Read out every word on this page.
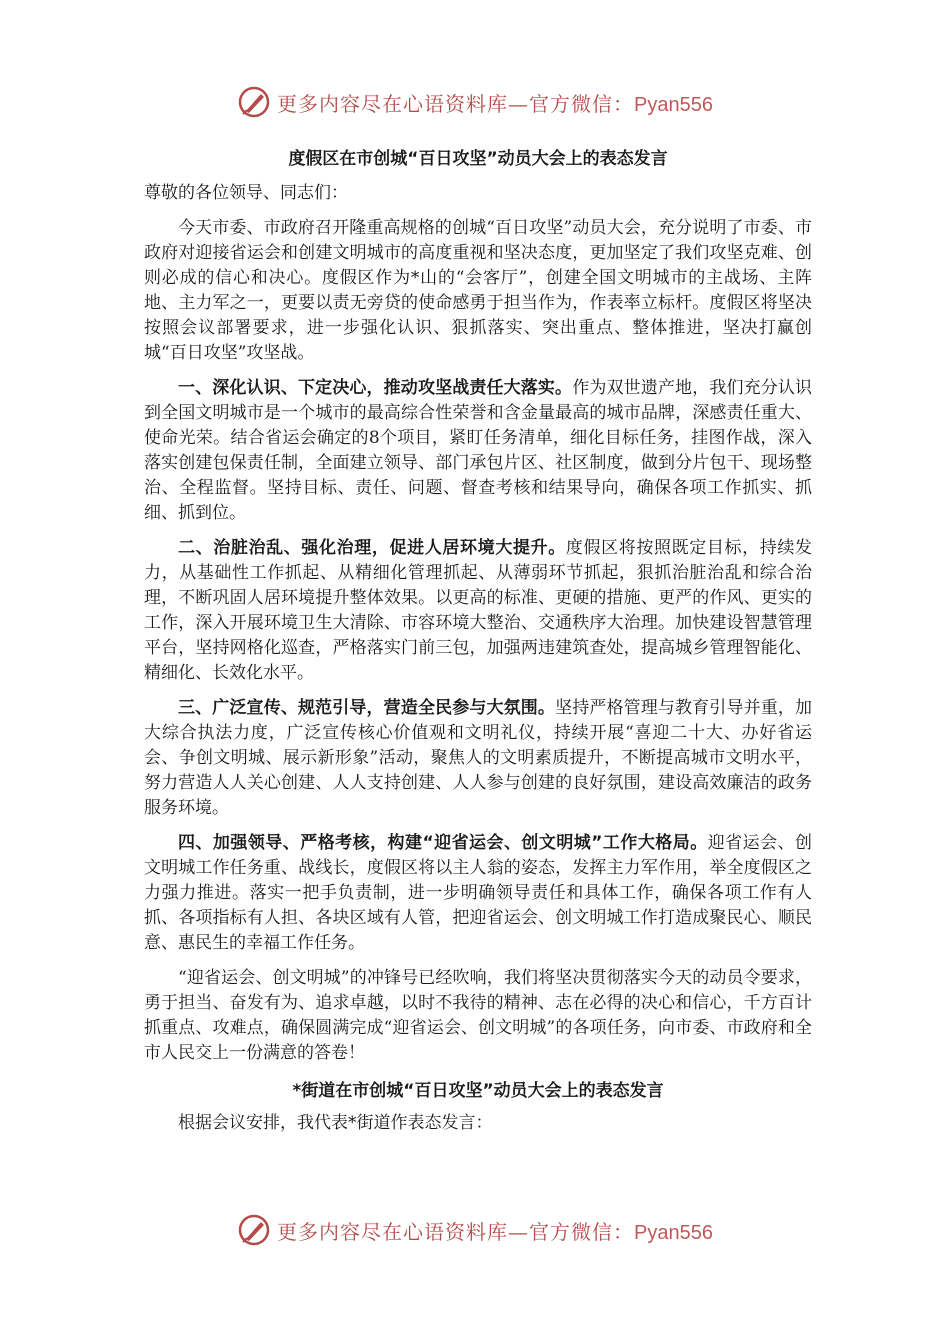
更多内容尽在心语资料库—官方微信：Pyan556
度假区在市创城“百日攻坚”动员大会上的表态发言

尊敬的各位领导、同志们：

今天市委、市政府召开隆重高规格的创城“百日攻坚”动员大会，充分说明了市委、市政府对迎接省运会和创建文明城市的高度重视和坚决态度，更加坚定了我们攻坚克难、创则必成的信心和决心。度假区作为*山的“会客厅”，创建全国文明城市的主战场、主阵地、主力军之一，更要以责无旁贷的使命感勇于担当作为，作表率立标杆。度假区将坚决按照会议部署要求，进一步强化认识、狠抓落实、突出重点、整体推进，坚决打赢创城“百日攻坚”攻坚战。

一、深化认识、下定决心，推动攻坚战责任大落实。作为双世遗产地，我们充分认识到全国文明城市是一个城市的最高综合性荣誉和含金量最高的城市品牌，深感责任重大、使命光荣。结合省运会确定的8个项目，紧盯任务清单，细化目标任务，挂图作战，深入落实创建包保责任制，全面建立领导、部门承包片区、社区制度，做到分片包干、现场整治、全程监督。坚持目标、责任、问题、督查考核和结果导向，确保各项工作抓实、抓细、抓到位。

二、治脏治乱、强化治理，促进人居环境大提升。度假区将按照既定目标，持续发力，从基础性工作抓起、从精细化管理抓起、从薄弱环节抓起，狠抓治脏治乱和综合治理，不断巩固人居环境提升整体效果。以更高的标准、更硬的措施、更严的作风、更实的工作，深入开展环境卫生大清除、市容环境大整治、交通秩序大治理。加快建设智慧管理平台，坚持网格化巡查，严格落实门前三包，加强两违建筑查处，提高城乡管理智能化、精细化、长效化水平。

三、广泛宣传、规范引导，营造全民参与大氛围。坚持严格管理与教育引导并重，加大综合执法力度，广泛宣传核心价值观和文明礼仪，持续开展“喜迎二十大、办好省运会、争创文明城、展示新形象”活动，聚焦人的文明素质提升，不断提高城市文明水平，努力营造人人关心创建、人人支持创建、人人参与创建的良好氛围，建设高效廉洁的政务服务环境。

四、加强领导、严格考核，构建“迎省运会、创文明城”工作大格局。迎省运会、创文明城工作任务重、战线长，度假区将以主人翁的姿态，发挥主力军作用，举全度假区之力强力推进。落实一把手负责制，进一步明确领导责任和具体工作，确保各项工作有人抓、各项指标有人担、各块区域有人管，把迎省运会、创文明城工作打造成聚民心、顺民意、惠民生的幸福工作任务。

“迎省运会、创文明城”的冲锋号已经吹响，我们将坚决贯彻落实今天的动员令要求，勇于担当、奋发有为、追求卓越，以时不我待的精神、志在必得的决心和信心，千方百计抓重点、攻难点，确保圆满完成“迎省运会、创文明城”的各项任务，向市委、市政府和全市人民交上一份满意的答卷！

*街道在市创城“百日攻坚”动员大会上的表态发言

根据会议安排，我代表*街道作表态发言：

更多内容尽在心语资料库—官方微信：Pyan556
